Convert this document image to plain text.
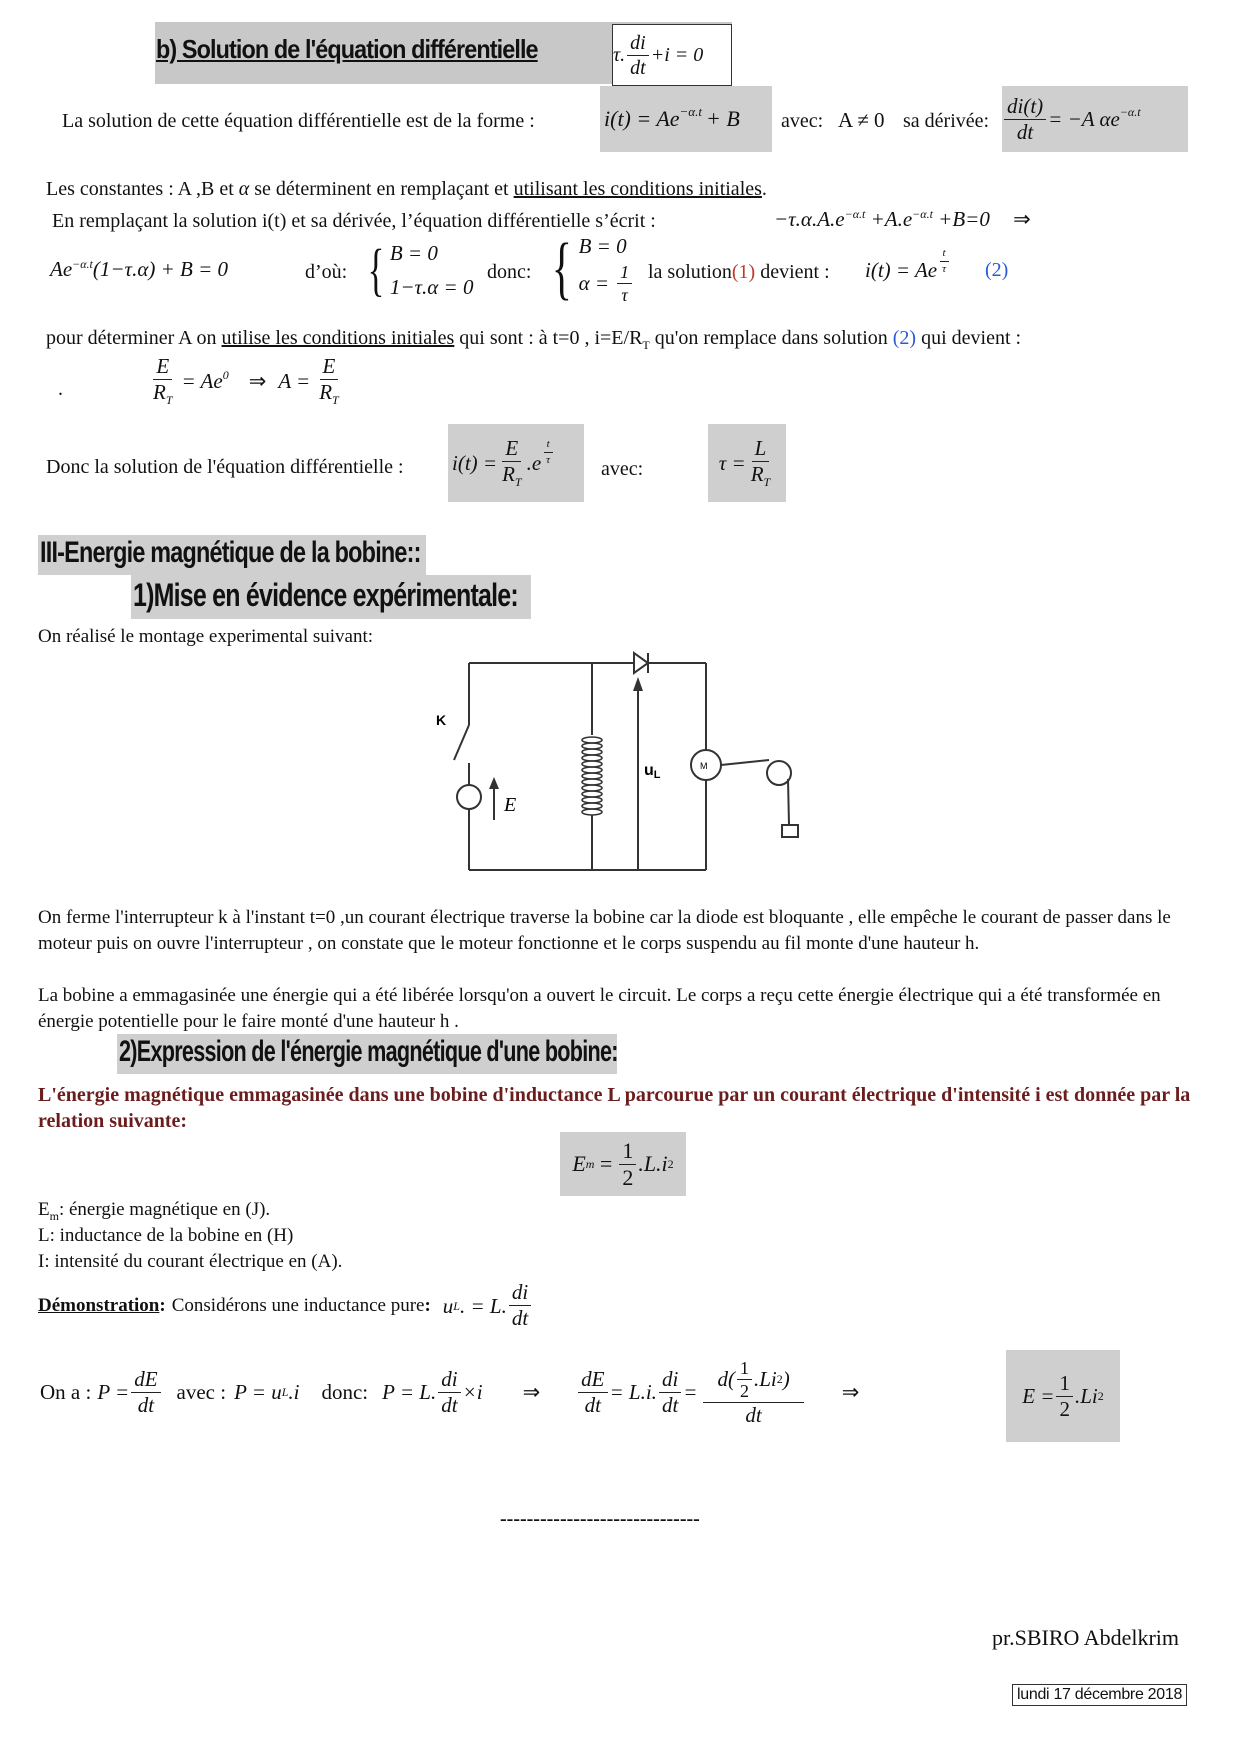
b) Solution de l'équation différentielle	τ. $\frac{di}{dt} +i = 0$
La solution de cette équation différentielle est de la forme :	$i(t) = Ae^{-\alpha.t} + B$ avec: A ≠ 0 sa dérivée: $\frac{di(t)}{dt} = -A$ $\alpha e^{-\alpha.t}$
Les constantes : A ,B et α se déterminent en remplaçant et utilisant les conditions initiales.
En remplaçant la solution i(t) et sa dérivée, l’équation différentielle s’écrit :	$-\tau.\alpha.A.e^{-\alpha.t} +A.e^{-\alpha.t} +B=0$ ⇒
$Ae^{-\alpha.t}(1-\tau.\alpha) + B = 0$	d’où: { B = 0
1−τ.α = 0
donc: { B = 0
$\alpha = \frac{1}{\tau}$ la solution(1) devient : i(t) = Ae $\frac{t}{\tau} (2)$
pour déterminer A on utilise les conditions initiales qui sont : à t=0 , $i=E/R_T$ qu'on remplace dans solution (2) qui devient :
.	$\frac{E}{R_T} = Ae^0$ ⇒ $A = \frac{E}{R_T}$
Donc la solution de l'équation différentielle : $i(t) = \frac{E}{R_T} .e \frac{t}{\tau}$
avec:	$\tau = \frac{L}{R_T}$
III-Energie magnétique de la bobine::
1)Mise en évidence expérimentale:
On réalisé le montage experimental suivant:
K
E
uL
M
On ferme l'interrupteur k à l'instant t=0 ,un courant électrique traverse la bobine car la diode est bloquante , elle empêche le courant de passer dans le moteur puis on ouvre l'interrupteur , on constate que le moteur fonctionne et le corps suspendu au fil monte d'une hauteur h.
La bobine a emmagasinée une énergie qui a été libérée lorsqu'on a ouvert le circuit. Le corps a reçu cette énergie électrique qui a été transformée en énergie potentielle pour le faire monté d'une hauteur h .
2)Expression de l'énergie magnétique d'une bobine:
L'énergie magnétique emmagasinée dans une bobine d'inductance L parcourue par un courant électrique d'intensité i est donnée par la relation suivante:
E $m = \frac{1}{2} .L.i$ 2
$E_m$: énergie magnétique en (J).
L: inductance de la bobine en (H)
I: intensité du courant électrique en (A).
Démonstration : Considérons une inductance pure : u L . = L. $\frac{di}{dt}$
On a : $P = \frac{dE}{dt}$ avec : P = u L .i donc: P = L. $\frac{di}{dt} \times i$ ⇒ $\frac{dE}{dt} = L.i$. $\frac{di}{dt} = \frac{d( \frac{1}{2} .Li 2 )}{dt}$ ⇒	$E = \frac{1}{2} .Li$ 2
------------------------------
pr.SBIRO Abdelkrim
lundi 17 décembre 2018
